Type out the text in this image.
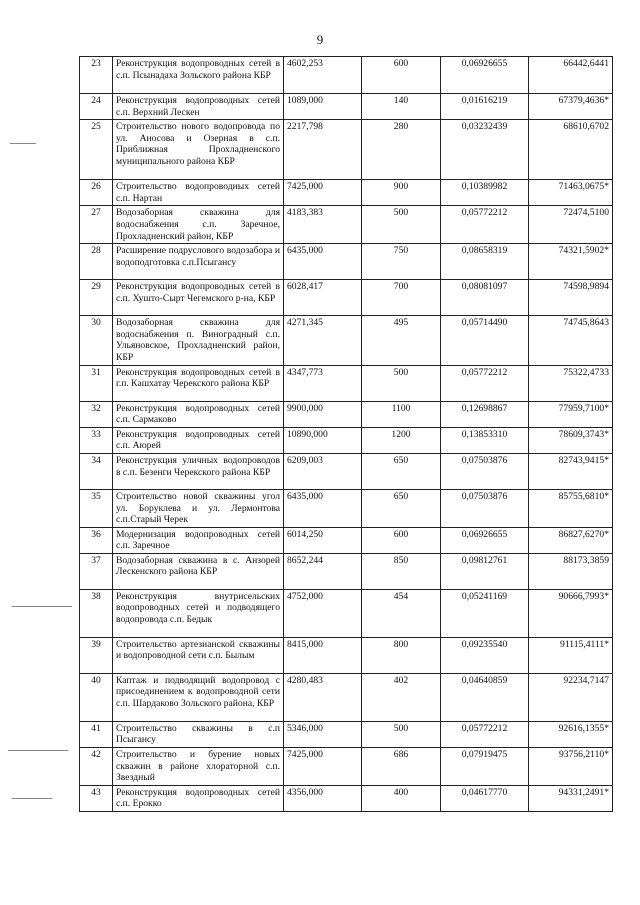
9
23	Реконструкция водопроводных сетей в с.п. Псынадаха Зольского района КБР	4602,253	600	0,06926655	66442,6441
24	Реконструкция водопроводных сетей с.п. Верхний Лескен	1089,000	140	0,01616219	67379,4636*
25	Строительство нового водопровода по ул. Аносова и Озерная в с.п. Приближная Прохладненского муниципального района КБР	2217,798	280	0,03232439	68610,6702
26	Строительство водопроводных сетей с.п. Нартан	7425,000	900	0,10389982	71463,0675*
27	Водозаборная скважина для водоснабжения с.п. Заречное, Прохладненский район, КБР	4183,383	500	0,05772212	72474,5100
28	Расширение подруслового водозабора и водоподготовка с.п.Псыгансу	6435,000	750	0,08658319	74321,5902*
29	Реконструкция водопроводных сетей в с.п. Хушто-Сырт Чегемского р-на, КБР	6028,417	700	0,08081097	74598,9894
30	Водозаборная скважина для водоснабжения п. Виноградный с.п. Ульяновское, Прохладненский район, КБР	4271,345	495	0,05714490	74745,8643
31	Реконструкция водопроводных сетей в г.п. Кашхатау Черекского района КБР	4347,773	500	0,05772212	75322,4733
32	Реконструкция водопроводных сетей с.п. Сармаково	9900,000	1100	0,12698867	77959,7100*
33	Реконструкция водопроводных сетей с.п. Аюрей	10890,000	1200	0,13853310	78609,3743*
34	Реконструкция уличных водопроводов в с.п. Безенги Черекского района КБР	6209,003	650	0,07503876	82743,9415*
35	Строительство новой скважины угол ул. Боруклева и ул. Лермонтова с.п.Старый Черек	6435,000	650	0,07503876	85755,6810*
36	Модернизация водопроводных сетей с.п. Заречное	6014,250	600	0,06926655	86827,6270*
37	Водозаборная скважина в с. Анзорей Лескенского района КБР	8652,244	850	0,09812761	88173,3859
38	Реконструкция внутрисельских водопроводных сетей и подводящего водопровода с.п. Бедык	4752,000	454	0,05241169	90666,7993*
39	Строительство артезианской скважины и водопроводной сети с.п. Былым	8415,000	800	0,09235540	91115,4111*
40	Каптаж и подводящий водопровод с присоединением к водопроводной сети с.п. Шардаково Зольского района, КБР	4280,483	402	0,04640859	92234,7147
41	Строительство скважины в с.п Псыгансу	5346,000	500	0,05772212	92616,1355*
42	Строительство и бурение новых скважин в районе хлораторной с.п. Звездный	7425,000	686	0,07919475	93756,2110*
43	Реконструкция водопроводных сетей с.п. Ерокко	4356,000	400	0,04617770	94331,2491*
